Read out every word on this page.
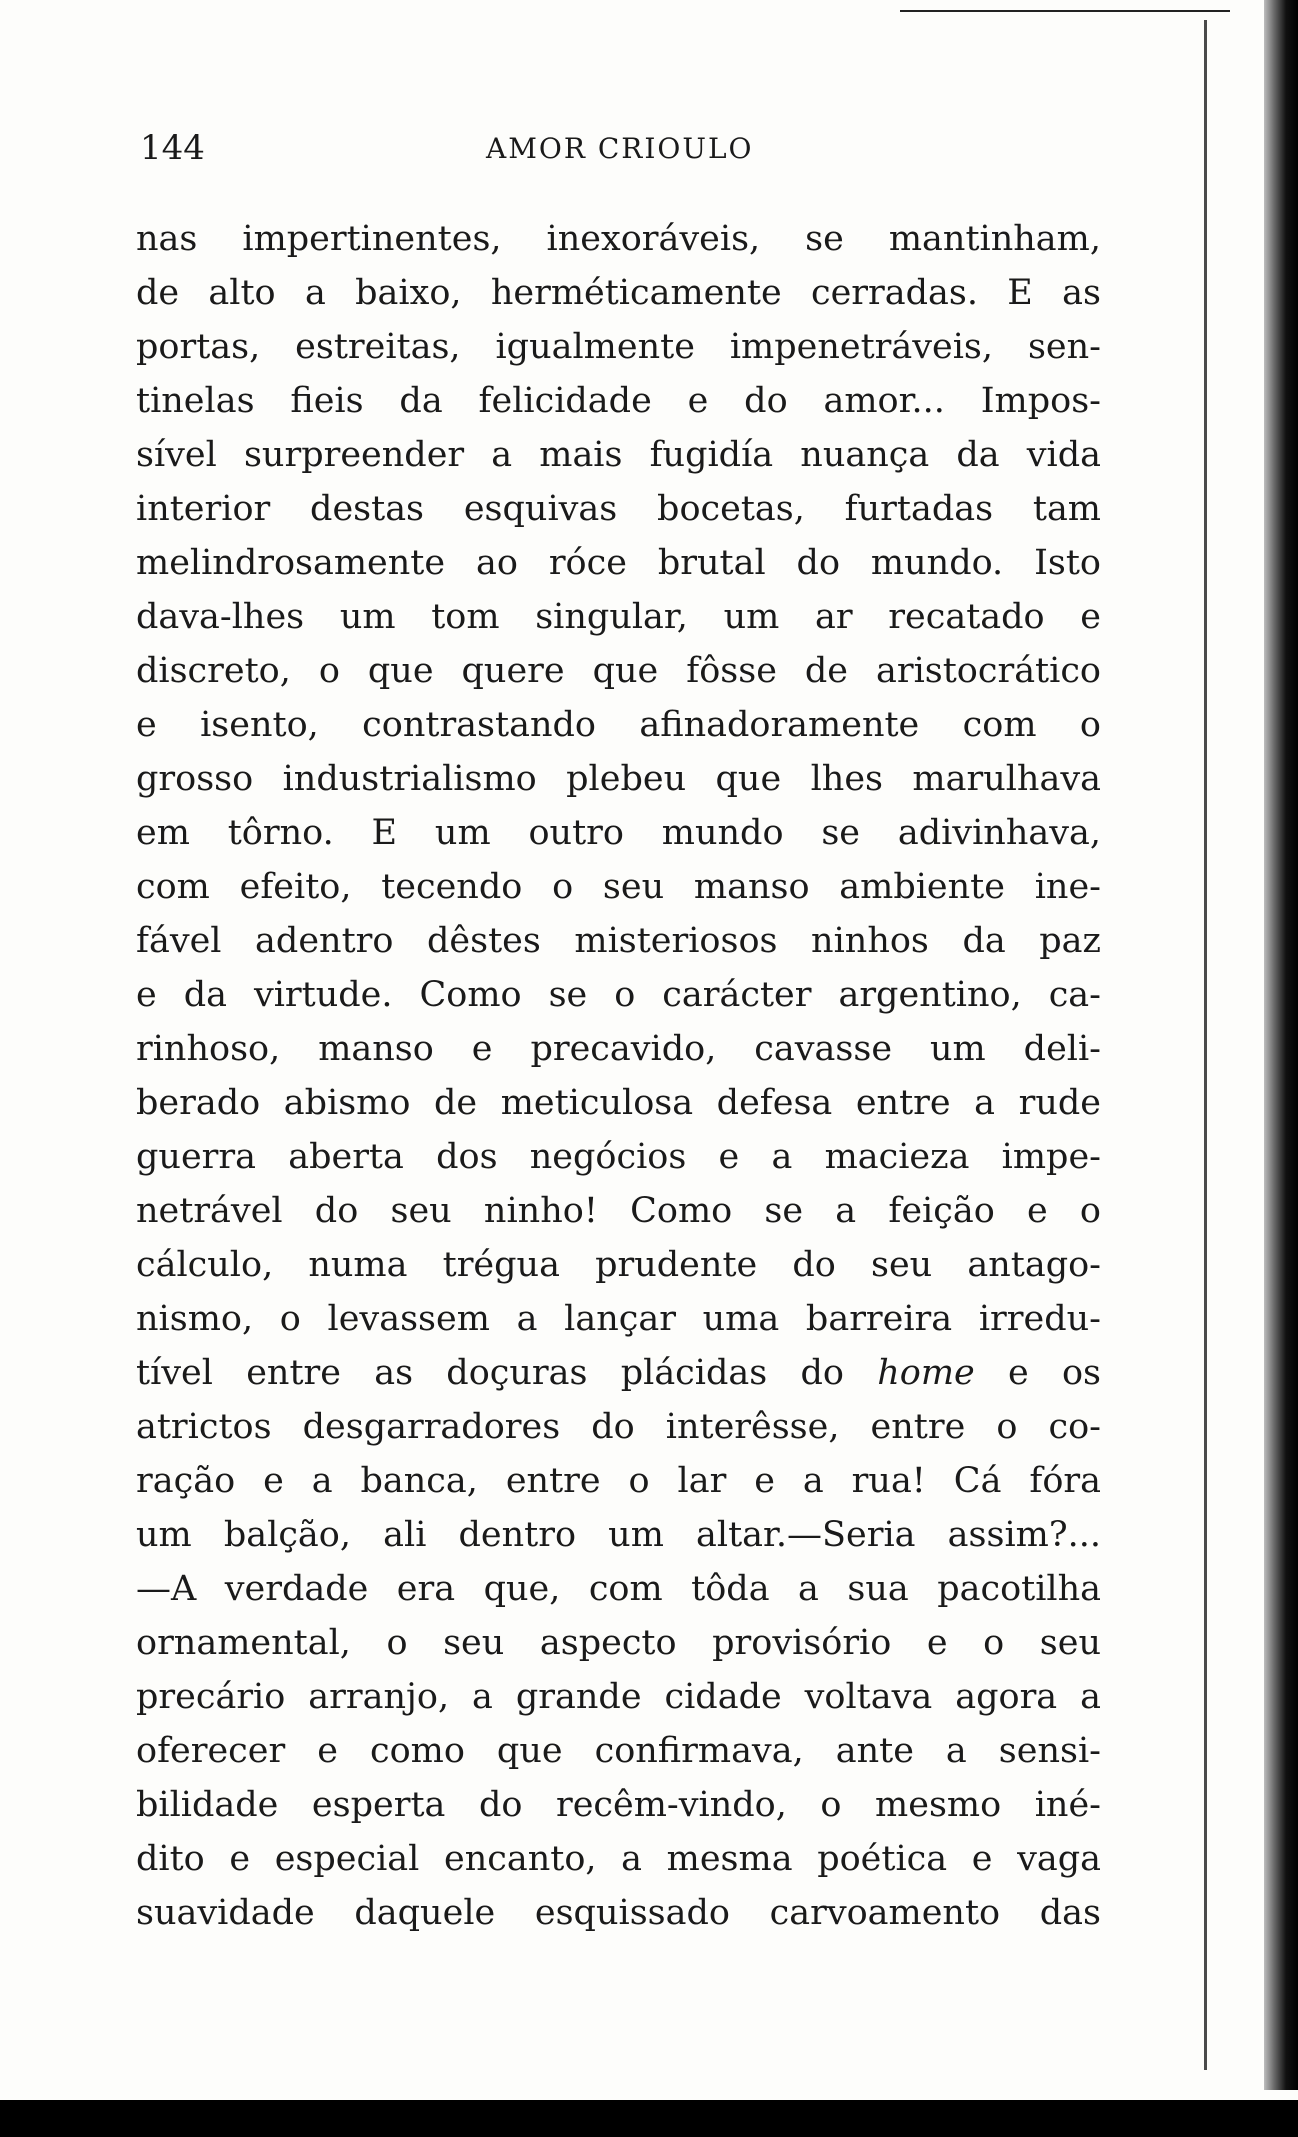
144	AMOR CRIOULO
nas impertinentes, inexoráveis, se mantinham,
de alto a baixo, herméticamente cerradas. E as
portas, estreitas, igualmente impenetráveis, sen-
tinelas fieis da felicidade e do amor... Impos-
sível surpreender a mais fugidía nuança da vida
interior destas esquivas bocetas, furtadas tam
melindrosamente ao róce brutal do mundo. Isto
dava-lhes um tom singular, um ar recatado e
discreto, o que quere que fôsse de aristocrático
e isento, contrastando afinadoramente com o
grosso industrialismo plebeu que lhes marulhava
em tôrno. E um outro mundo se adivinhava,
com efeito, tecendo o seu manso ambiente ine-
fável adentro dêstes misteriosos ninhos da paz
e da virtude. Como se o carácter argentino, ca-
rinhoso, manso e precavido, cavasse um deli-
berado abismo de meticulosa defesa entre a rude
guerra aberta dos negócios e a macieza impe-
netrável do seu ninho! Como se a feição e o
cálculo, numa trégua prudente do seu antago-
nismo, o levassem a lançar uma barreira irredu-
tível entre as doçuras plácidas do home e os
atrictos desgarradores do interêsse, entre o co-
ração e a banca, entre o lar e a rua! Cá fóra
um balção, ali dentro um altar.—Seria assim?...
—A verdade era que, com tôda a sua pacotilha
ornamental, o seu aspecto provisório e o seu
precário arranjo, a grande cidade voltava agora a
oferecer e como que confirmava, ante a sensi-
bilidade esperta do recêm-vindo, o mesmo iné-
dito e especial encanto, a mesma poética e vaga
suavidade daquele esquissado carvoamento das
